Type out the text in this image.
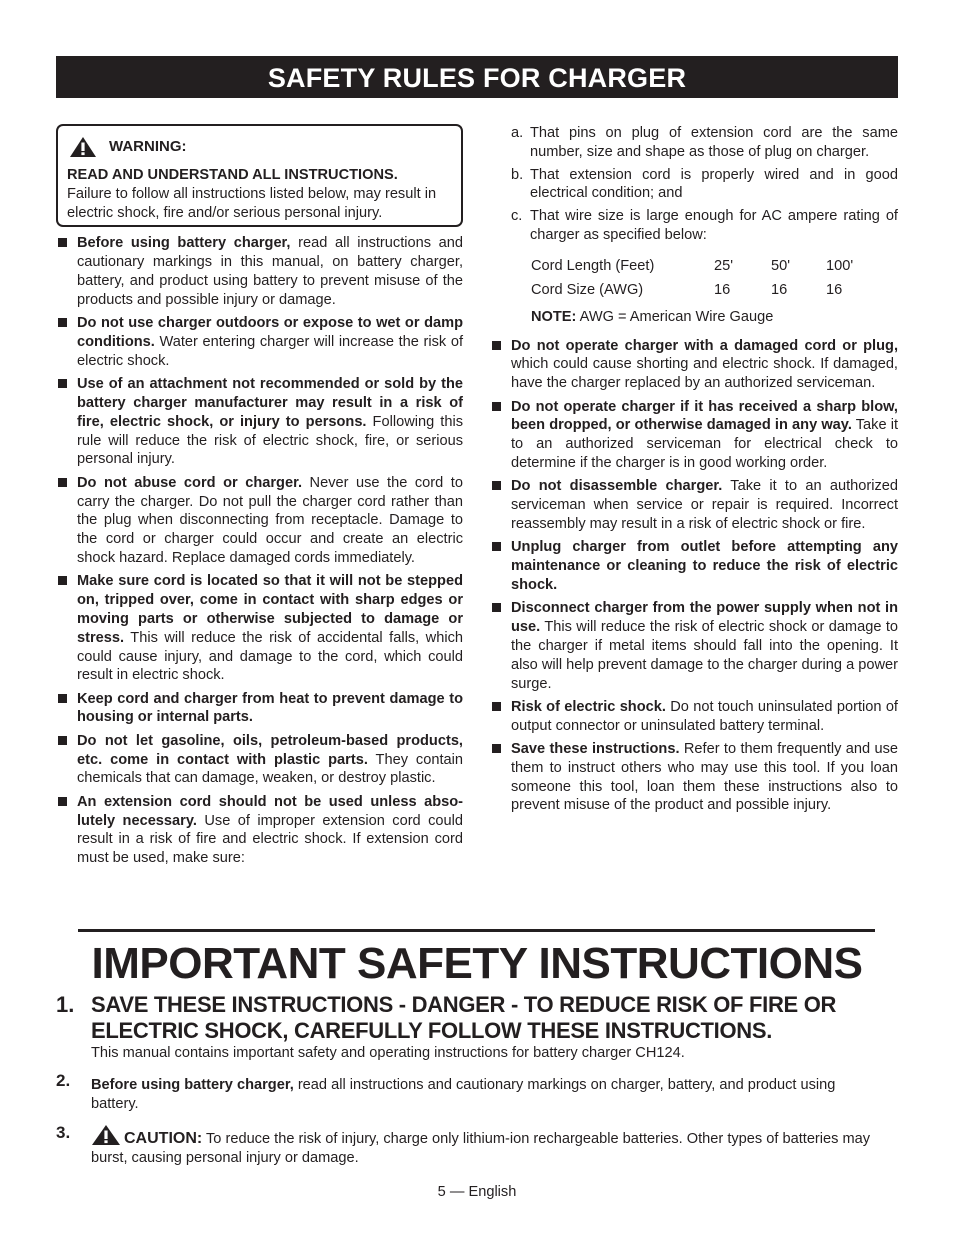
SAFETY RULES FOR CHARGER
WARNING:
READ AND UNDERSTAND ALL INSTRUCTIONS.
Failure to follow all instructions listed below, may result in electric shock, fire and/or serious personal injury.
Before using battery charger, read all instructions and cautionary markings in this manual, on battery charger, battery, and product using battery to prevent misuse of the products and possible injury or damage.
Do not use charger outdoors or expose to wet or damp conditions. Water entering charger will increase the risk of electric shock.
Use of an attachment not recommended or sold by the battery charger manufacturer may result in a risk of fire, electric shock, or injury to persons. Following this rule will reduce the risk of electric shock, fire, or serious personal injury.
Do not abuse cord or charger. Never use the cord to carry the charger. Do not pull the charger cord rather than the plug when disconnecting from receptacle. Damage to the cord or charger could occur and create an electric shock hazard. Replace damaged cords immediately.
Make sure cord is located so that it will not be stepped on, tripped over, come in contact with sharp edges or moving parts or otherwise subjected to damage or stress. This will reduce the risk of accidental falls, which could cause injury, and damage to the cord, which could result in electric shock.
Keep cord and charger from heat to prevent damage to housing or internal parts.
Do not let gasoline, oils, petroleum-based products, etc. come in contact with plastic parts. They contain chemicals that can damage, weaken, or destroy plastic.
An extension cord should not be used unless abso-lutely necessary. Use of improper extension cord could result in a risk of fire and electric shock. If extension cord must be used, make sure:
a. That pins on plug of extension cord are the same number, size and shape as those of plug on charger.
b. That extension cord is properly wired and in good electrical condition; and
c. That wire size is large enough for AC ampere rating of charger as specified below:
Cord Length (Feet)	25'	50'	100'
Cord Size (AWG)	16	16	16
NOTE: AWG = American Wire Gauge
Do not operate charger with a damaged cord or plug, which could cause shorting and electric shock. If damaged, have the charger replaced by an authorized serviceman.
Do not operate charger if it has received a sharp blow, been dropped, or otherwise damaged in any way. Take it to an authorized serviceman for electrical check to determine if the charger is in good working order.
Do not disassemble charger. Take it to an authorized serviceman when service or repair is required. Incorrect reassembly may result in a risk of electric shock or fire.
Unplug charger from outlet before attempting any maintenance or cleaning to reduce the risk of electric shock.
Disconnect charger from the power supply when not in use. This will reduce the risk of electric shock or damage to the charger if metal items should fall into the opening. It also will help prevent damage to the charger during a power surge.
Risk of electric shock. Do not touch uninsulated portion of output connector or uninsulated battery terminal.
Save these instructions. Refer to them frequently and use them to instruct others who may use this tool. If you loan someone this tool, loan them these instructions also to prevent misuse of the product and possible injury.
IMPORTANT SAFETY INSTRUCTIONS
1. SAVE THESE INSTRUCTIONS - DANGER - TO REDUCE RISK OF FIRE OR ELECTRIC SHOCK, CAREFULLY FOLLOW THESE INSTRUCTIONS.
This manual contains important safety and operating instructions for battery charger CH124.
2. Before using battery charger, read all instructions and cautionary markings on charger, battery, and product using battery.
3.	CAUTION: To reduce the risk of injury, charge only lithium-ion rechargeable batteries. Other types of batteries may burst, causing personal injury or damage.
5 — English
